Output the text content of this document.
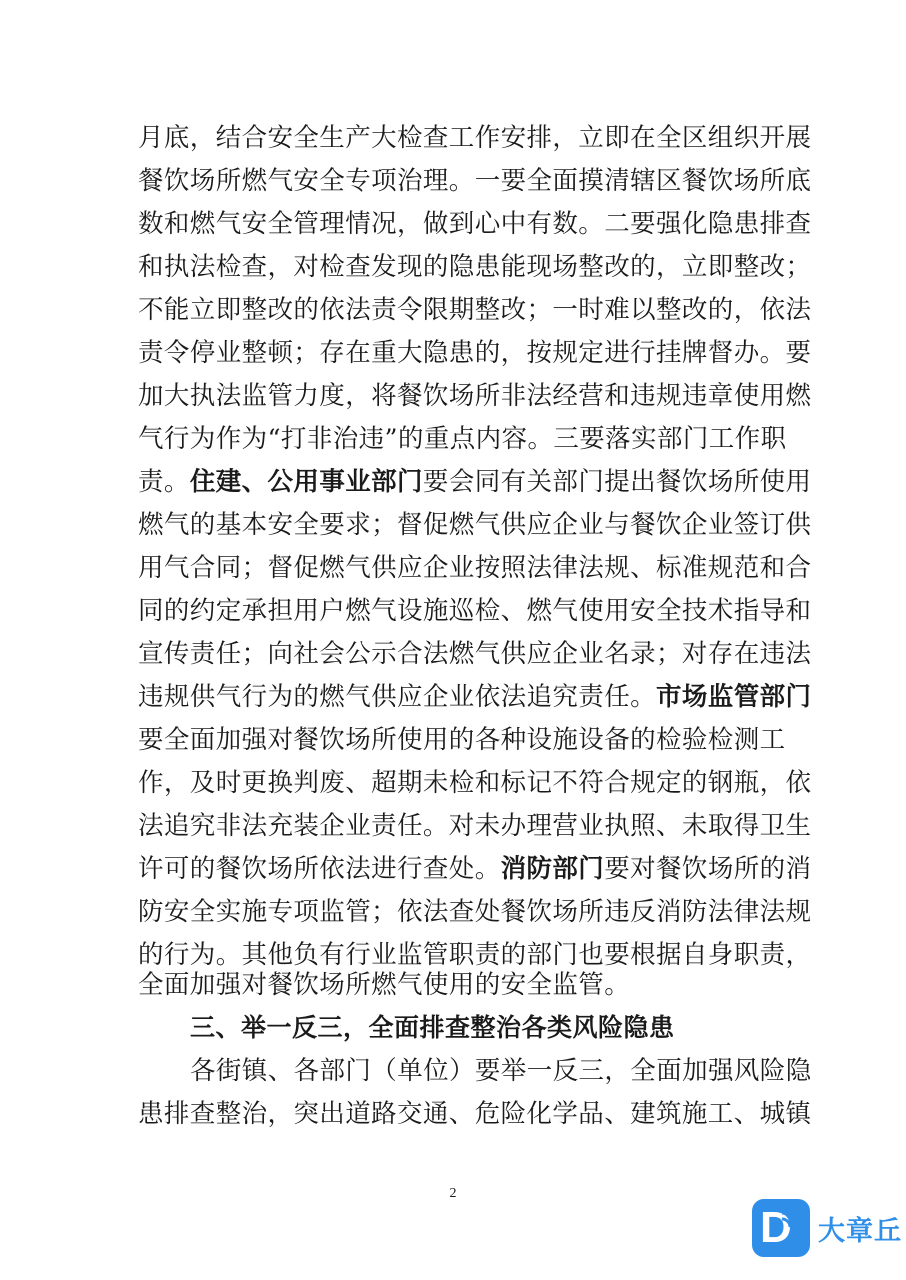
月底，结合安全生产大检查工作安排，立即在全区组织开展
餐饮场所燃气安全专项治理。一要全面摸清辖区餐饮场所底
数和燃气安全管理情况，做到心中有数。二要强化隐患排查
和执法检查，对检查发现的隐患能现场整改的，立即整改；
不能立即整改的依法责令限期整改；一时难以整改的，依法
责令停业整顿；存在重大隐患的，按规定进行挂牌督办。要
加大执法监管力度，将餐饮场所非法经营和违规违章使用燃
气行为作为“打非治违”的重点内容。三要落实部门工作职
责。住建、公用事业部门要会同有关部门提出餐饮场所使用
燃气的基本安全要求；督促燃气供应企业与餐饮企业签订供
用气合同；督促燃气供应企业按照法律法规、标准规范和合
同的约定承担用户燃气设施巡检、燃气使用安全技术指导和
宣传责任；向社会公示合法燃气供应企业名录；对存在违法
违规供气行为的燃气供应企业依法追究责任。市场监管部门
要全面加强对餐饮场所使用的各种设施设备的检验检测工
作，及时更换判废、超期未检和标记不符合规定的钢瓶，依
法追究非法充装企业责任。对未办理营业执照、未取得卫生
许可的餐饮场所依法进行查处。消防部门要对餐饮场所的消
防安全实施专项监管；依法查处餐饮场所违反消防法律法规
的行为。其他负有行业监管职责的部门也要根据自身职责，
全面加强对餐饮场所燃气使用的安全监管。
三、举一反三，全面排查整治各类风险隐患
各街镇、各部门（单位）要举一反三，全面加强风险隐
患排查整治，突出道路交通、危险化学品、建筑施工、城镇
2
D 大章丘
